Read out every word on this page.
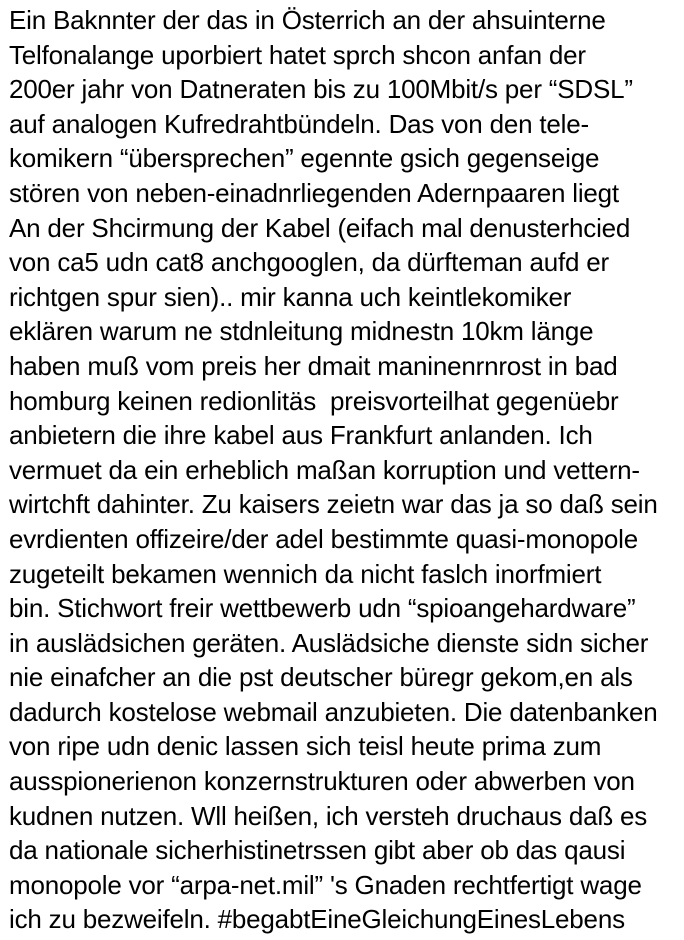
Ein Baknnter der das in Österrich an der ahsuinterne
Telfonalange uporbiert hatet sprch shcon anfan der
200er jahr von Datneraten bis zu 100Mbit/s per “SDSL”
auf analogen Kufredrahtbündeln. Das von den tele-
komikern “übersprechen” egennte gsich gegenseige
stören von neben-einadnrliegenden Adernpaaren liegt
An der Shcirmung der Kabel (eifach mal denusterhcied
von ca5 udn cat8 anchgooglen, da dürfteman aufd er
richtgen spur sien).. mir kanna uch keintlekomiker
eklären warum ne stdnleitung midnestn 10km länge
haben muß vom preis her dmait maninenrnrost in bad
homburg keinen redionlitäs  preisvorteilhat gegenüebr
anbietern die ihre kabel aus Frankfurt anlanden. Ich
vermuet da ein erheblich maßan korruption und vettern-
wirtchft dahinter. Zu kaisers zeietn war das ja so daß sein
evrdienten offizeire/der adel bestimmte quasi-monopole
zugeteilt bekamen wennich da nicht faslch inorfmiert
bin. Stichwort freir wettbewerb udn “spioangehardware”
in auslädsichen geräten. Auslädsiche dienste sidn sicher
nie einafcher an die pst deutscher büregr gekom,en als
dadurch kostelose webmail anzubieten. Die datenbanken
von ripe udn denic lassen sich teisl heute prima zum
ausspionerienon konzernstrukturen oder abwerben von
kudnen nutzen. Wll heißen, ich versteh druchaus daß es
da nationale sicherhistinetrssen gibt aber ob das qausi
monopole vor “arpa-net.mil” 's Gnaden rechtfertigt wage
ich zu bezweifeln. #begabtEineGleichungEinesLebens
